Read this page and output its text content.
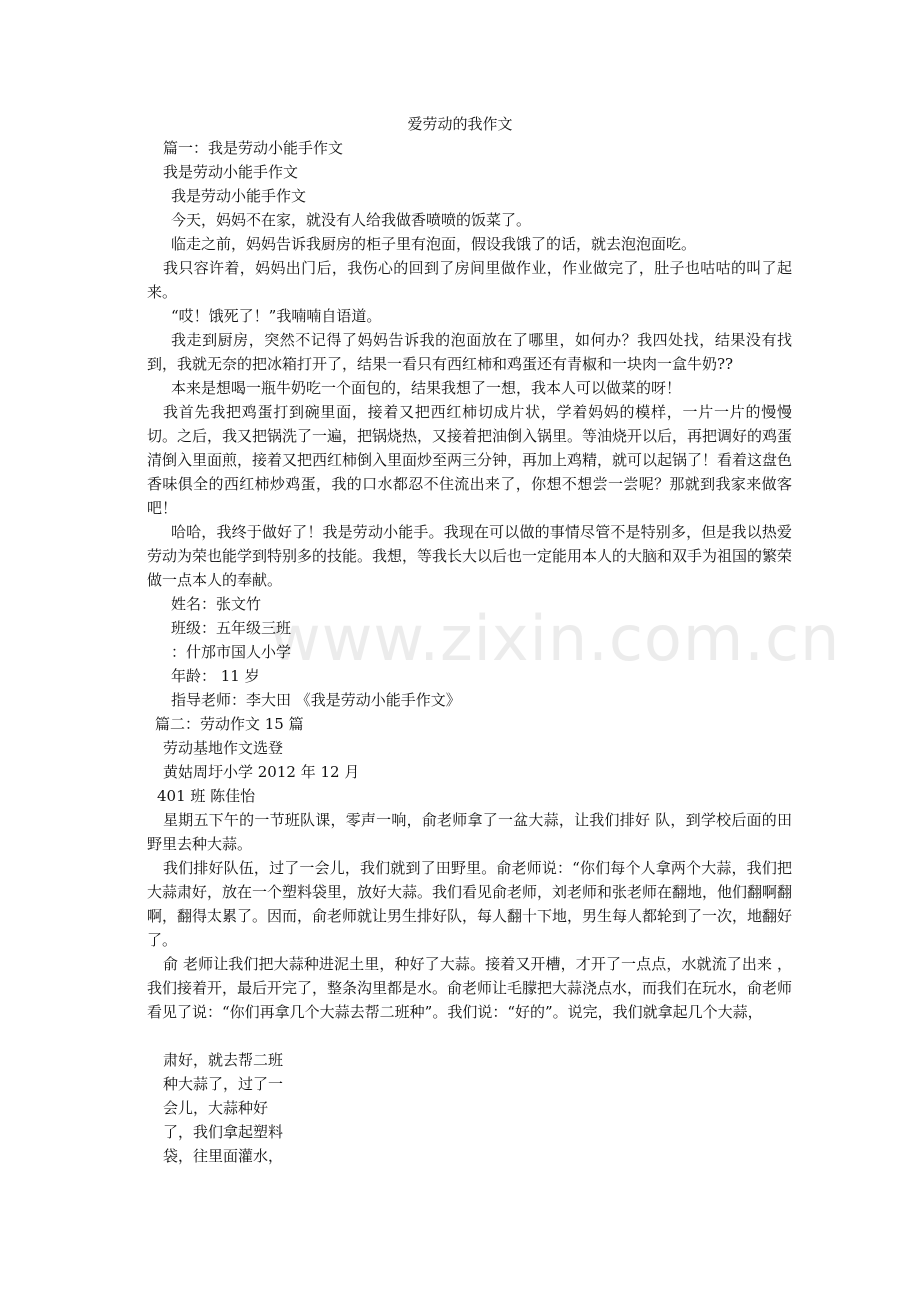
www.zixin.com.cn
爱劳动的我作文
篇一：我是劳动小能手作文
我是劳动小能手作文
我是劳动小能手作文
今天，妈妈不在家，就没有人给我做香喷喷的饭菜了。
临走之前，妈妈告诉我厨房的柜子里有泡面，假设我饿了的话，就去泡泡面吃。
我只容许着，妈妈出门后，我伤心的回到了房间里做作业，作业做完了，肚子也咕咕的叫了起来。
“哎！饿死了！”我喃喃自语道。
我走到厨房，突然不记得了妈妈告诉我的泡面放在了哪里，如何办？我四处找，结果没有找到，我就无奈的把冰箱打开了，结果一看只有西红柿和鸡蛋还有青椒和一块肉一盒牛奶??
本来是想喝一瓶牛奶吃一个面包的，结果我想了一想，我本人可以做菜的呀！
我首先我把鸡蛋打到碗里面，接着又把西红柿切成片状，学着妈妈的模样，一片一片的慢慢切。之后，我又把锅洗了一遍，把锅烧热，又接着把油倒入锅里。等油烧开以后，再把调好的鸡蛋清倒入里面煎，接着又把西红柿倒入里面炒至两三分钟，再加上鸡精，就可以起锅了！看着这盘色香味俱全的西红柿炒鸡蛋，我的口水都忍不住流出来了，你想不想尝一尝呢？那就到我家来做客吧！
哈哈，我终于做好了！我是劳动小能手。我现在可以做的事情尽管不是特别多，但是我以热爱劳动为荣也能学到特别多的技能。我想，等我长大以后也一定能用本人的大脑和双手为祖国的繁荣做一点本人的奉献。
姓名：张文竹
班级：五年级三班
：什邡市国人小学
年龄： 11 岁
指导老师：李大田 《我是劳动小能手作文》
篇二：劳动作文 15 篇
劳动基地作文选登
黄姑周圩小学 2012 年 12 月
401 班 陈佳怡
星期五下午的一节班队课，零声一响，俞老师拿了一盆大蒜，让我们排好 队，到学校后面的田野里去种大蒜。
我们排好队伍，过了一会儿，我们就到了田野里。俞老师说：“你们每个人拿两个大蒜，我们把大蒜肃好，放在一个塑料袋里，放好大蒜。我们看见俞老师，刘老师和张老师在翻地，他们翻啊翻啊，翻得太累了。因而，俞老师就让男生排好队，每人翻十下地，男生每人都轮到了一次，地翻好了。
俞 老师让我们把大蒜种进泥土里，种好了大蒜。接着又开槽，才开了一点点，水就流了出来 ，我们接着开，最后开完了，整条沟里都是水。俞老师让毛朦把大蒜浇点水，而我们在玩水，俞老师看见了说：“你们再拿几个大蒜去帮二班种”。我们说：“好的”。说完，我们就拿起几个大蒜，
肃好，就去帮二班
种大蒜了，过了一
会儿，大蒜种好
了，我们拿起塑料
袋，往里面灌水，
